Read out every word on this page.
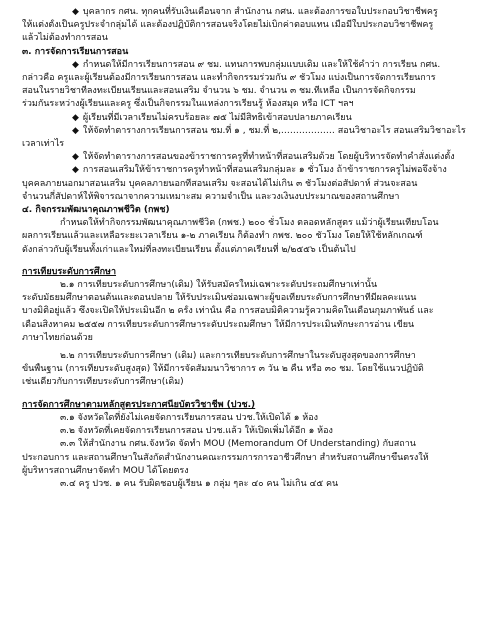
◆ บุคลากร กศน. ทุกคนที่รับเงินเดือนจาก สำนักงาน กศน. และต้องการขอใบประกอบวิชาชีพครู

ให้แต่งตั้งเป็นครูประจำกลุ่มได้ และต้องปฏิบัติการสอนจริงโดยไม่เบิกค่าตอบแทน เมื่อมีใบประกอบวิชาชีพครู

แล้วไม่ต้องทำการสอน

๓. การจัดการเรียนการสอน

◆ กำหนดให้มีการเรียนการสอน ๙ ชม. แทนการพบกลุ่มแบบเดิม และให้ใช้คำว่า การเรียน กศน.

กล่าวคือ ครูและผู้เรียนต้องมีการเรียนการสอน และทำกิจกรรมร่วมกัน ๙ ชั่วโมง แบ่งเป็นการจัดการเรียนการ

สอนในรายวิชาที่ลงทะเบียนเรียนและสอนเสริม จำนวน ๖ ชม. จำนวน ๓ ชม.ที่เหลือ เป็นการจัดกิจกรรม

ร่วมกันระหว่างผู้เรียนและครู ซึ่งเป็นกิจกรรมในแหล่งการเรียนรู้ ห้องสมุด หรือ ICT ฯลฯ

◆ ผู้เรียนที่มีเวลาเรียนไม่ครบร้อยละ ๗๕ ไม่มีสิทธิเข้าสอบปลายภาคเรียน

◆ ให้จัดทำตารางการเรียนการสอน ชม.ที่ ๑ , ชม.ที่ ๒,……………… สอนวิชาอะไร สอนเสริมวิชาอะไร

เวลาเท่าไร

◆ ให้จัดทำตารางการสอนของข้าราชการครูที่ทำหน้าที่สอนเสริมด้วย โดยผู้บริหารจัดทำคำสั่งแต่งตั้ง

◆ การสอนเสริมให้ข้าราชการครูทำหน้าที่สอนเสริมกลุ่มละ ๑ ชั่วโมง ถ้าข้าราชการครูไม่พอจึงจ้าง

บุคคลภายนอกมาสอนเสริม บุคคลภายนอกที่สอนเสริม จะสอนได้ไม่เกิน ๓ ชั่วโมงต่อสัปดาห์ ส่วนจะสอน

จำนวนกี่สัปดาห์ให้พิจารณาจากความเหมาะสม ความจำเป็น และวงเงินงบประมาณของสถานศึกษา

๔. กิจกรรมพัฒนาคุณภาพชีวิต (กพช)

กำหนดให้ทำกิจกรรมพัฒนาคุณภาพชีวิต (กพช.) ๒๐๐ ชั่วโมง ตลอดหลักสูตร แม้ว่าผู้เรียนเทียบโอน

ผลการเรียนแล้วและเหลือระยะเวลาเรียน ๑-๒ ภาคเรียน ก็ต้องทำ กพช. ๒๐๐ ชั่วโมง โดยให้ใช้หลักเกณฑ์

ดังกล่าวกับผู้เรียนทั้งเก่าและใหม่ที่ลงทะเบียนเรียน ตั้งแต่ภาคเรียนที่ ๒/๒๕๕๖ เป็นต้นไป

การเทียบระดับการศึกษา

๒.๑ การเทียบระดับการศึกษา(เดิม) ให้รับสมัครใหม่เฉพาะระดับประถมศึกษาเท่านั้น

ระดับมัธยมศึกษาตอนต้นและตอนปลาย ให้รับประเมินซ่อมเฉพาะผู้ขอเทียบระดับการศึกษาที่มีผลคะแนน

บางมิติอยู่แล้ว ซึ่งจะเปิดให้ประเมินอีก ๒ ครั้ง เท่านั้น คือ การสอบมิติความรู้ความคิดในเดือนกุมภาพันธ์ และ

เดือนสิงหาคม ๒๕๕๗ การเทียบระดับการศึกษาระดับประถมศึกษา ให้มีการประเมินทักษะการอ่าน เขียน

ภาษาไทยก่อนด้วย

๒.๒ การเทียบระดับการศึกษา (เดิม) และการเทียบระดับการศึกษาในระดับสูงสุดของการศึกษา

ขั้นพื้นฐาน (การเทียบระดับสูงสุด) ให้มีการจัดสัมมนาวิชาการ ๓ วัน ๒ คืน หรือ ๓๐ ชม. โดยใช้แนวปฏิบัติ

เช่นเดียวกับการเทียบระดับการศึกษา(เดิม)

การจัดการศึกษาตามหลักสูตรประกาศนียบัตรวิชาชีพ (ปวช.)

๓.๑ จังหวัดใดที่ยังไม่เคยจัดการเรียนการสอน ปวช.ให้เปิดได้ ๑ ห้อง

๓.๒ จังหวัดที่เคยจัดการเรียนการสอน ปวช.แล้ว ให้เปิดเพิ่มได้อีก ๑ ห้อง

๓.๓ ให้สำนักงาน กศน.จังหวัด จัดทำ MOU (Memorandum Of Understanding) กับสถาน

ประกอบการ และสถานศึกษาในสังกัดสำนักงานคณะกรรมการการอาชีวศึกษา สำหรับสถานศึกษาขึ้นตรงให้

ผู้บริหารสถานศึกษาจัดทำ MOU ได้โดยตรง

๓.๔ ครู ปวช. ๑ คน รับผิดชอบผู้เรียน ๑ กลุ่ม ๆละ ๔๐ คน ไม่เกิน ๔๕ คน
